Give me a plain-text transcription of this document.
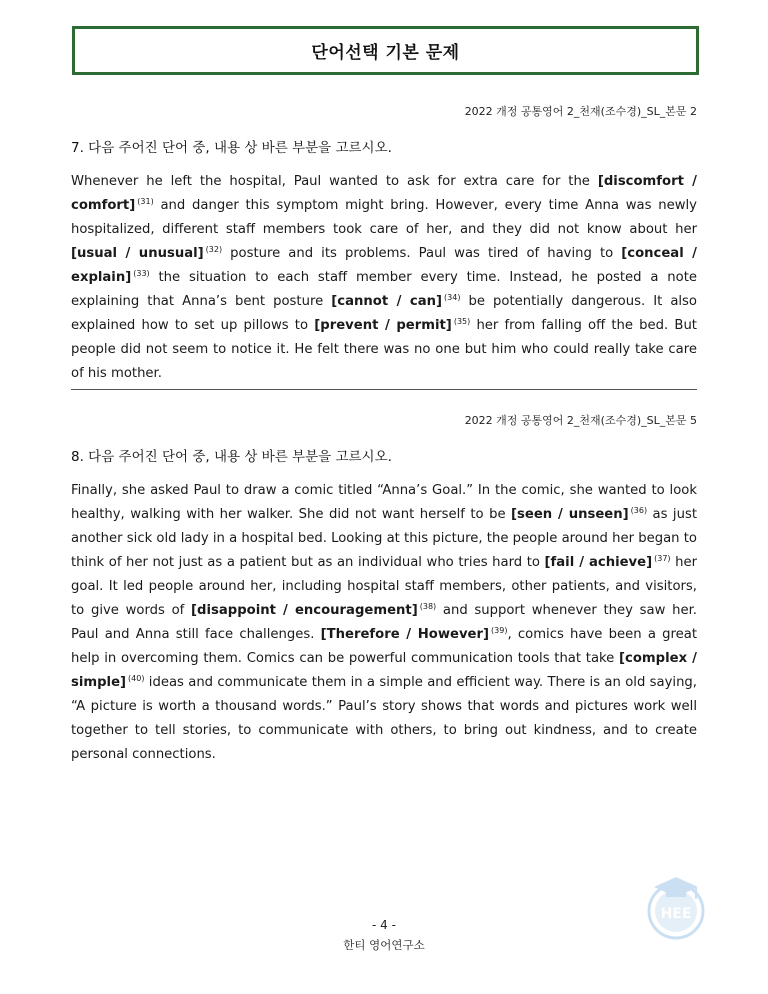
단어선택 기본 문제
2022 개정 공통영어 2_천재(조수경)_SL_본문 2
7. 다음 주어진 단어 중, 내용 상 바른 부분을 고르시오.
Whenever he left the hospital, Paul wanted to ask for extra care for the [discomfort / comfort] $^{(31)}$ and danger this symptom might bring. However, every time Anna was newly hospitalized, different staff members took care of her, and they did not know about her [usual / unusual] $^{(32)}$ posture and its problems. Paul was tired of having to [conceal / explain] $^{(33)}$ the situation to each staff member every time. Instead, he posted a note explaining that Anna’s bent posture [cannot / can] $^{(34)}$ be potentially dangerous. It also explained how to set up pillows to [prevent / permit] $^{(35)}$ her from falling off the bed. But people did not seem to notice it. He felt there was no one but him who could really take care of his mother.
2022 개정 공통영어 2_천재(조수경)_SL_본문 5
8. 다음 주어진 단어 중, 내용 상 바른 부분을 고르시오.
Finally, she asked Paul to draw a comic titled “Anna’s Goal.” In the comic, she wanted to look healthy, walking with her walker. She did not want herself to be [seen / unseen] $^{(36)}$ as just another sick old lady in a hospital bed. Looking at this picture, the people around her began to think of her not just as a patient but as an individual who tries hard to [fail / achieve] $^{(37)}$ her goal. It led people around her, including hospital staff members, other patients, and visitors, to give words of [disappoint / encouragement] $^{(38)}$ and support whenever they saw her. Paul and Anna still face challenges. [Therefore / However] $^{(39)}$, comics have been a great help in overcoming them. Comics can be powerful communication tools that take [complex / simple] $^{(40)}$ ideas and communicate them in a simple and efficient way. There is an old saying, “A picture is worth a thousand words.” Paul’s story shows that words and pictures work well together to tell stories, to communicate with others, to bring out kindness, and to create personal connections.
- 4 -
한티 영어연구소
HEE
